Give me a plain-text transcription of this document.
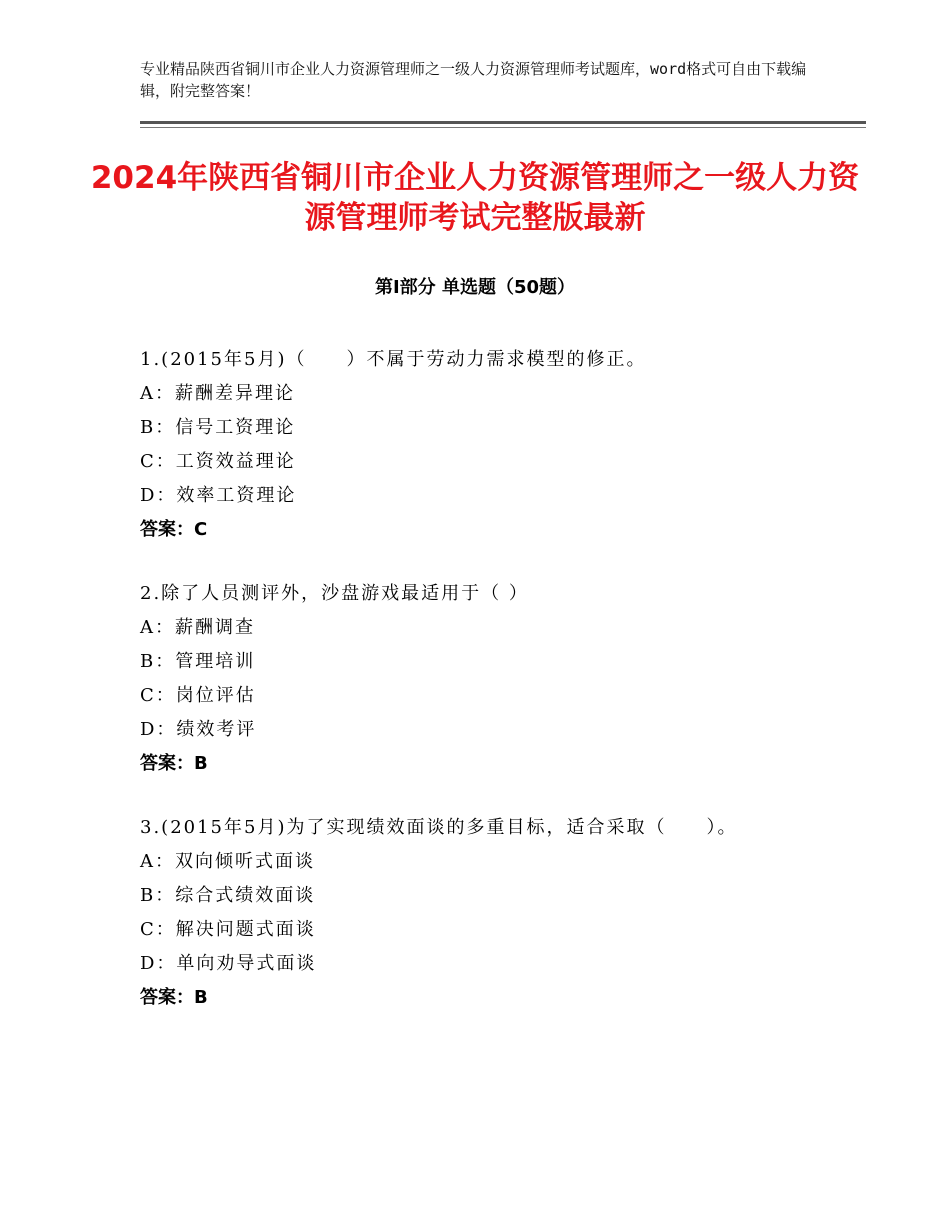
专业精品陕西省铜川市企业人力资源管理师之一级人力资源管理师考试题库，word格式可自由下载编辑，附完整答案！
2024年陕西省铜川市企业人力资源管理师之一级人力资源管理师考试完整版最新
第Ⅰ部分 单选题（50题）
1.(2015年5月)（　　）不属于劳动力需求模型的修正。
A：薪酬差异理论
B：信号工资理论
C：工资效益理论
D：效率工资理论
答案：C
2.除了人员测评外，沙盘游戏最适用于（ ）
A：薪酬调查
B：管理培训
C：岗位评估
D：绩效考评
答案：B
3.(2015年5月)为了实现绩效面谈的多重目标，适合采取（　　）。
A：双向倾听式面谈
B：综合式绩效面谈
C：解决问题式面谈
D：单向劝导式面谈
答案：B
